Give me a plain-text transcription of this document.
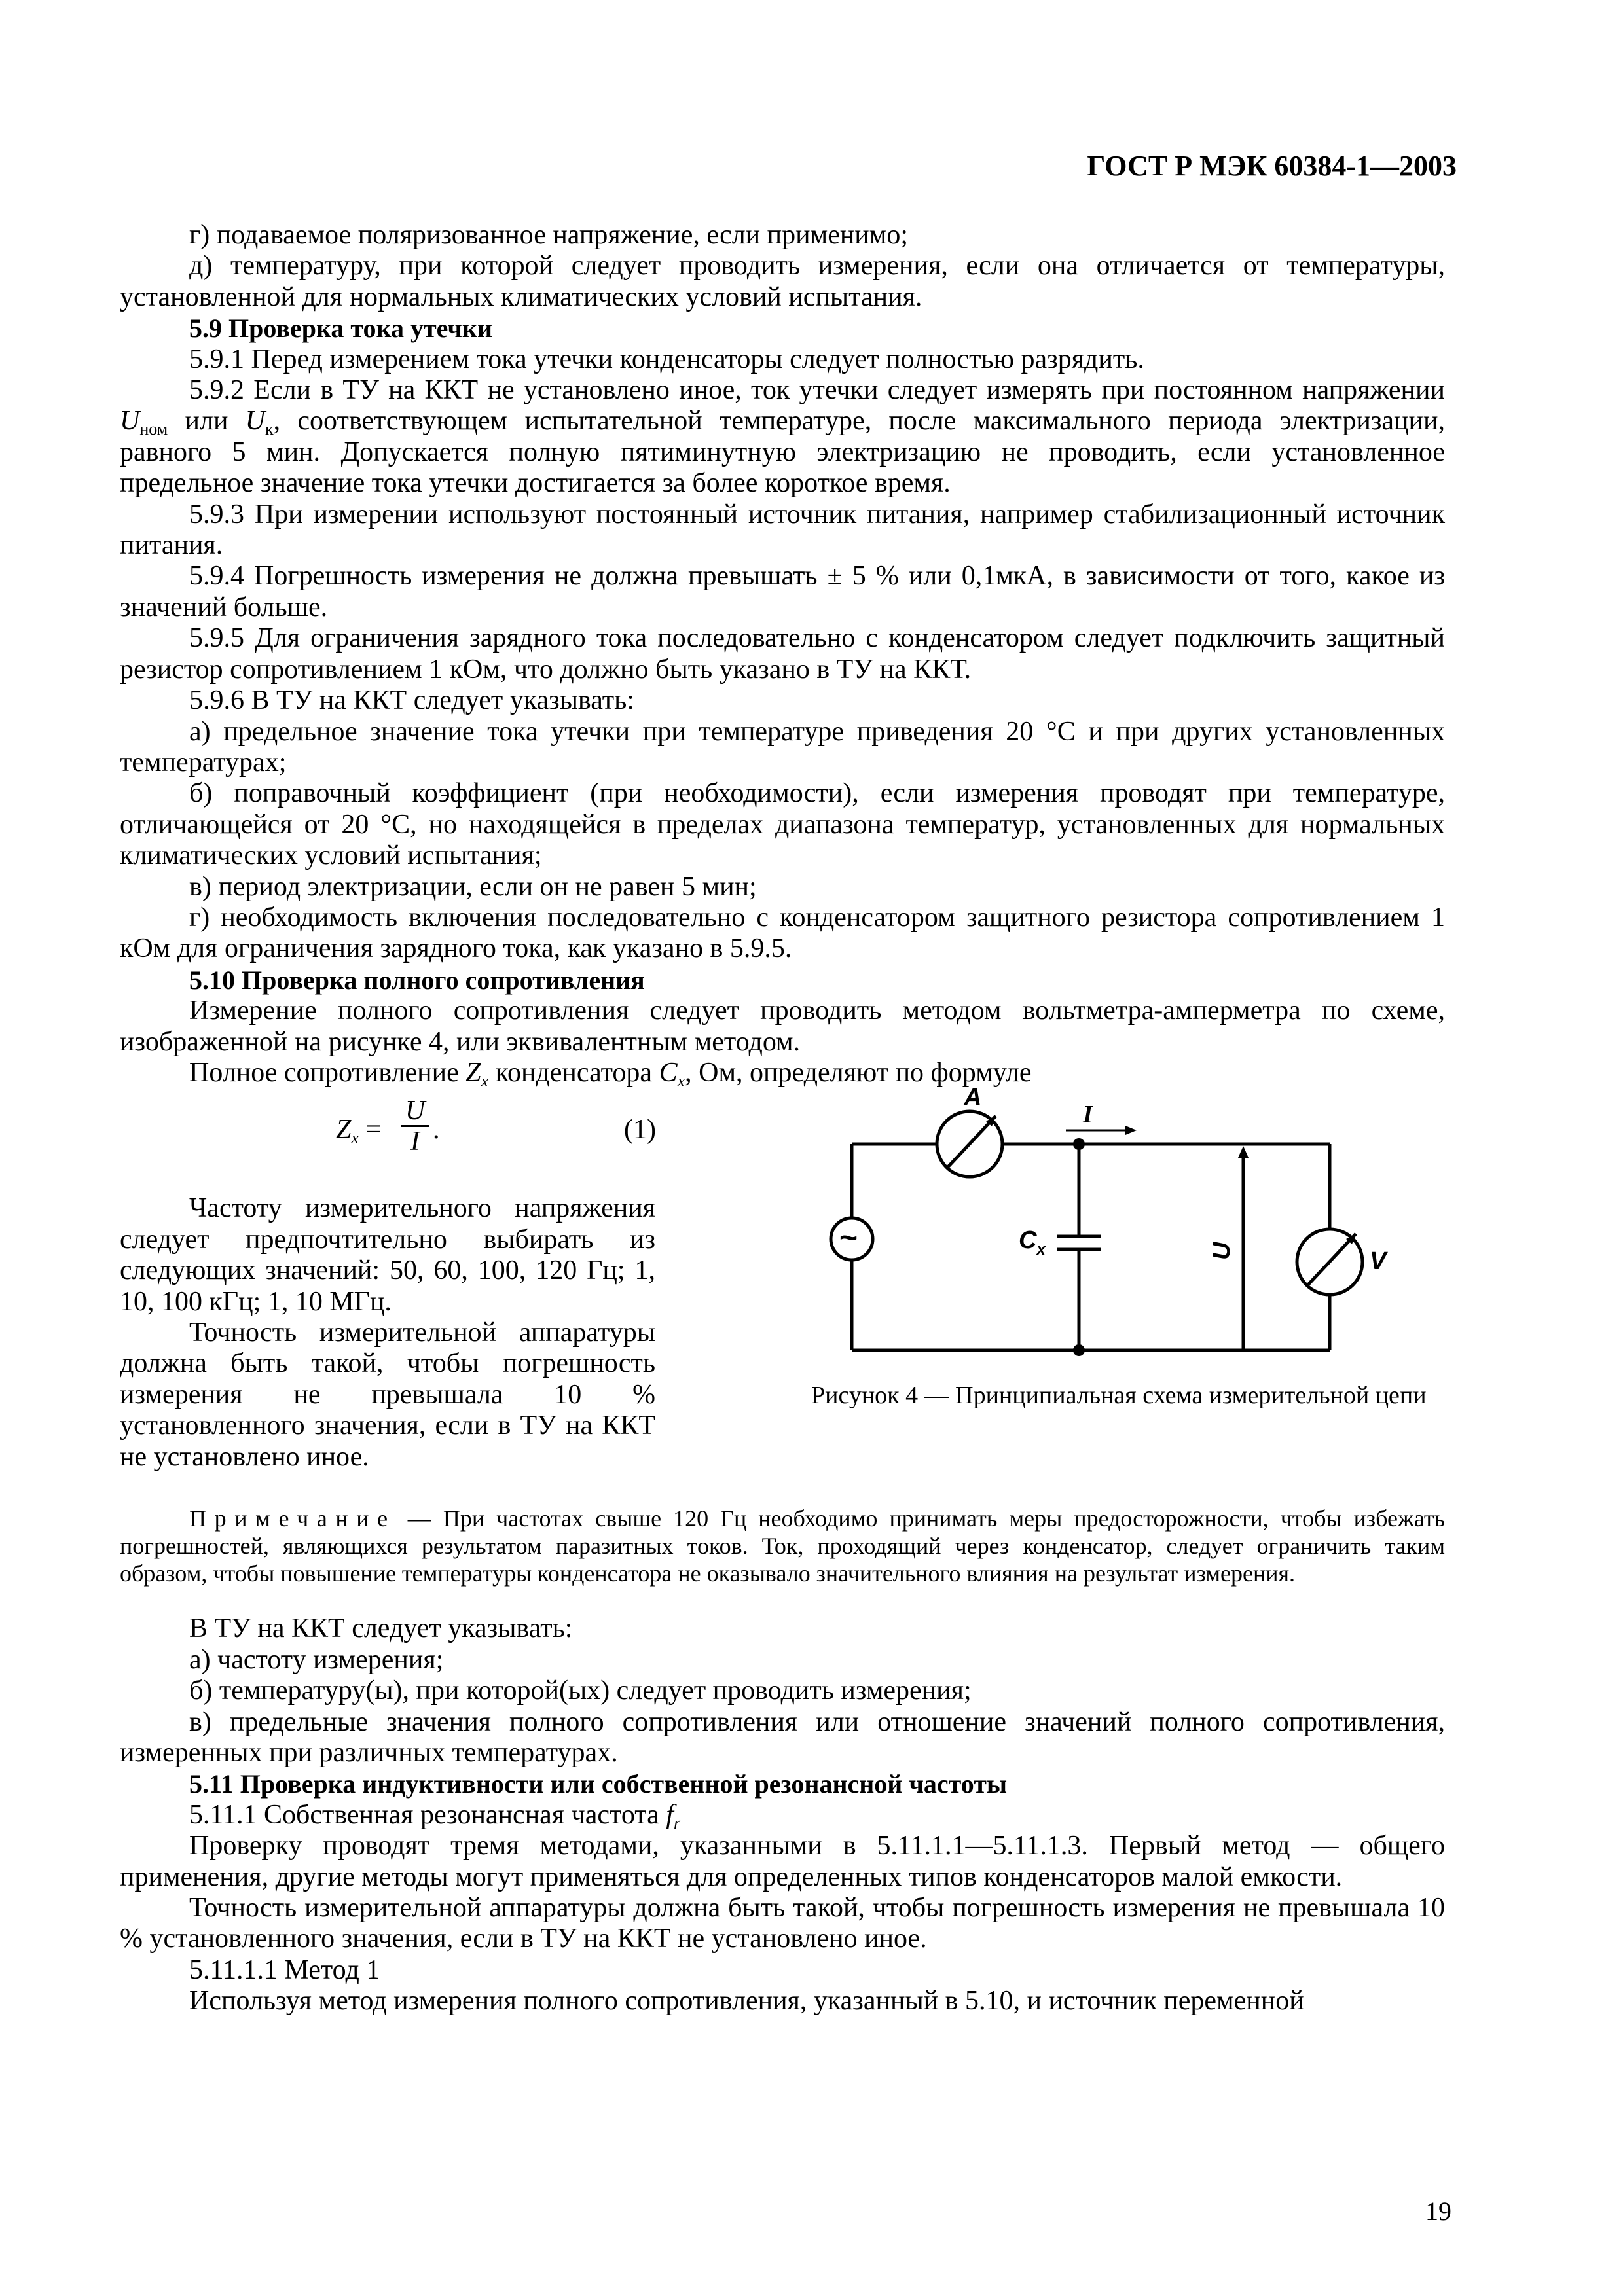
ГОСТ Р МЭК 60384-1—2003

г) подаваемое поляризованное напряжение, если применимо;

д) температуру, при которой следует проводить измерения, если она отличается от температуры, установленной для нормальных климатических условий испытания.

5.9 Проверка тока утечки

5.9.1 Перед измерением тока утечки конденсаторы следует полностью разрядить.

5.9.2 Если в ТУ на ККТ не установлено иное, ток утечки следует измерять при постоянном напряжении $U_{ном}$ или $U_к$, соответствующем испытательной температуре, после максимального периода электризации, равного 5 мин. Допускается полную пятиминутную электризацию не проводить, если установленное предельное значение тока утечки достигается за более короткое время.

5.9.3 При измерении используют постоянный источник питания, например стабилизационный источник питания.

5.9.4 Погрешность измерения не должна превышать ± 5 % или 0,1мкА, в зависимости от того, какое из значений больше.

5.9.5 Для ограничения зарядного тока последовательно с конденсатором следует подключить защитный резистор сопротивлением 1 кОм, что должно быть указано в ТУ на ККТ.

5.9.6 В ТУ на ККТ следует указывать:

а) предельное значение тока утечки при температуре приведения 20 °С и при других установленных температурах;

б) поправочный коэффициент (при необходимости), если измерения проводят при температуре, отличающейся от 20 °С, но находящейся в пределах диапазона температур, установленных для нормальных климатических условий испытания;

в) период электризации, если он не равен 5 мин;

г) необходимость включения последовательно с конденсатором защитного резистора сопротивлением 1 кОм для ограничения зарядного тока, как указано в 5.9.5.

5.10 Проверка полного сопротивления

Измерение полного сопротивления следует проводить методом вольтметра-амперметра по схеме, изображенной на рисунке 4, или эквивалентным методом.

Полное сопротивление $Z_x$ конденсатора $C_x$, Ом, определяют по формуле

$Z_x = \frac{U}{I}$ .	(1)

Частоту измерительного напряжения следует предпочтительно выбирать из следующих значений: 50, 60, 100, 120 Гц; 1, 10, 100 кГц; 1, 10 МГц.

Точность измерительной аппаратуры должна быть такой, чтобы погрешность измерения не превышала 10 % установленного значения, если в ТУ на ККТ не установлено иное.

A
I
$C_x$	U	V
~
Рисунок 4 — Принципиальная схема измерительной цепи

Примечание — При частотах свыше 120 Гц необходимо принимать меры предосторожности, чтобы избежать погрешностей, являющихся результатом паразитных токов. Ток, проходящий через конденсатор, следует ограничить таким образом, чтобы повышение температуры конденсатора не оказывало значительного влияния на результат измерения.

В ТУ на ККТ следует указывать:

а) частоту измерения;

б) температуру(ы), при которой(ых) следует проводить измерения;

в) предельные значения полного сопротивления или отношение значений полного сопротивления, измеренных при различных температурах.

5.11 Проверка индуктивности или собственной резонансной частоты

5.11.1 Собственная резонансная частота $f_r$

Проверку проводят тремя методами, указанными в 5.11.1.1—5.11.1.3. Первый метод — общего применения, другие методы могут применяться для определенных типов конденсаторов малой емкости.

Точность измерительной аппаратуры должна быть такой, чтобы погрешность измерения не превышала 10 % установленного значения, если в ТУ на ККТ не установлено иное.

5.11.1.1 Метод 1

Используя метод измерения полного сопротивления, указанный в 5.10, и источник переменной

19
